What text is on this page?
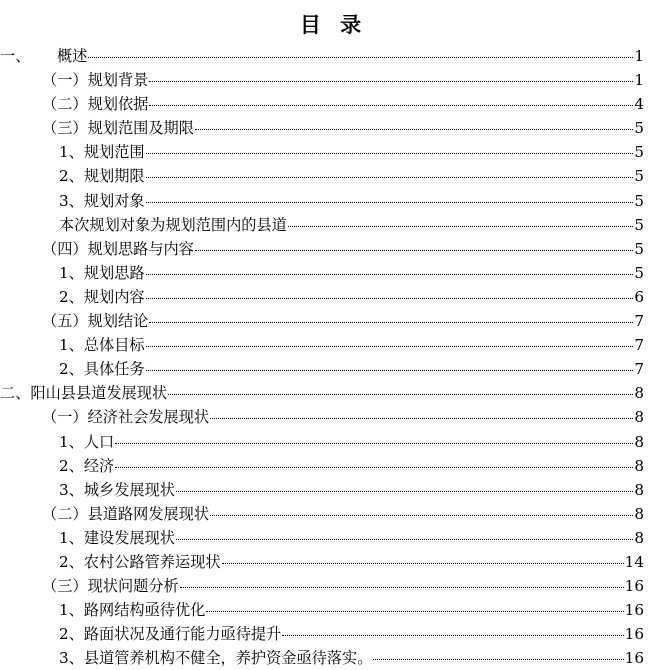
目 录
一、	概述	1
（一）规划背景	1
（二）规划依据	4
（三）规划范围及期限	5
1、规划范围	5
2、规划期限	5
3、规划对象	5
本次规划对象为规划范围内的县道	5
（四）规划思路与内容	5
1、规划思路	5
2、规划内容	6
（五）规划结论	7
1、总体目标	7
2、具体任务	7
二、阳山县县道发展现状	8
（一）经济社会发展现状	8
1、人口	8
2、经济	8
3、城乡发展现状	8
（二）县道路网发展现状	8
1、建设发展现状	8
2、农村公路管养运现状	14
（三）现状问题分析	16
1、路网结构亟待优化	16
2、路面状况及通行能力亟待提升	16
3、县道管养机构不健全，养护资金亟待落实。	16
